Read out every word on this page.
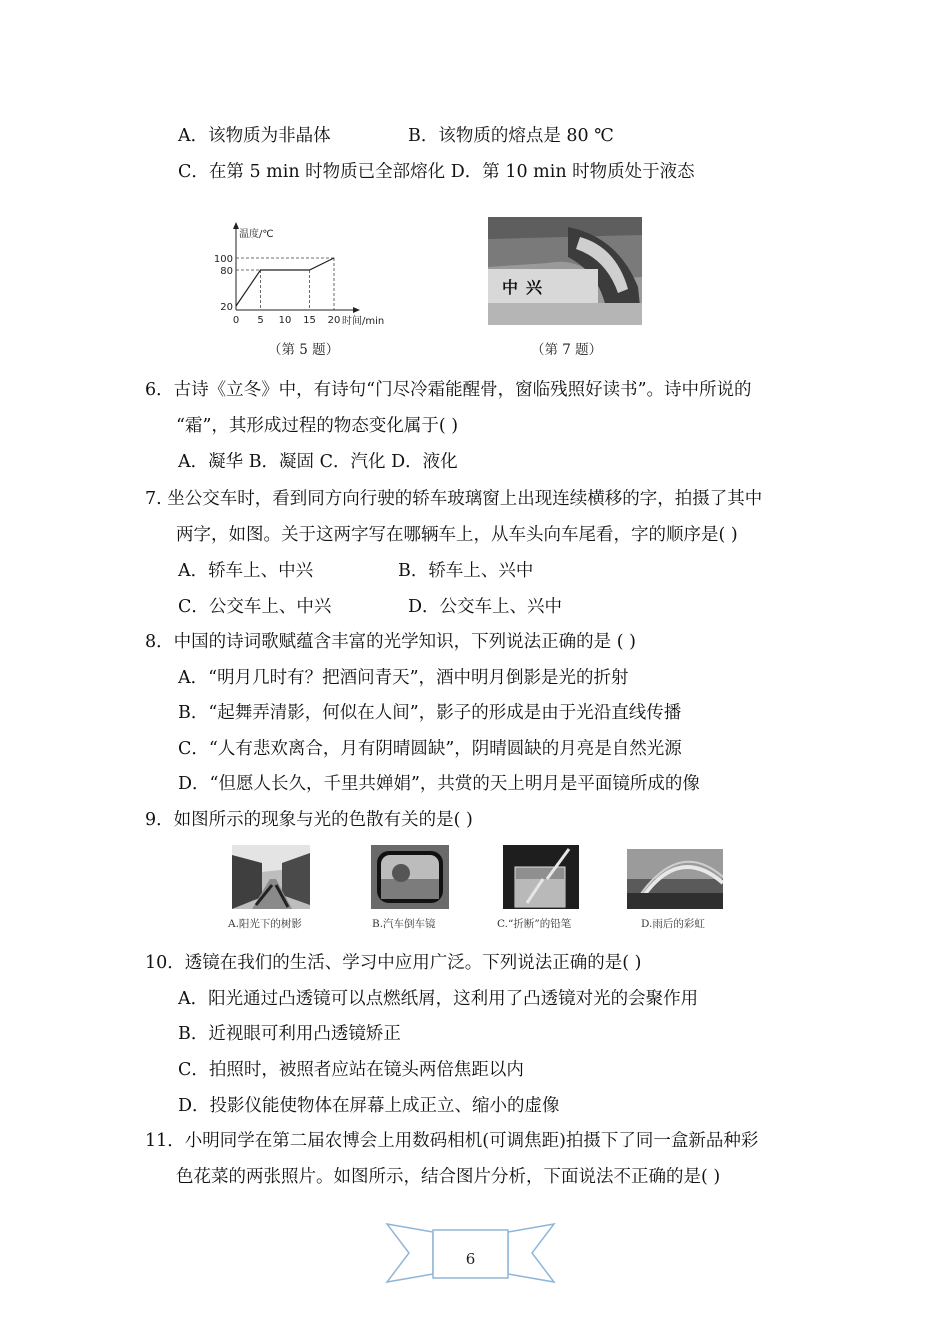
A．该物质为非晶体	B．该物质的熔点是 80 ℃
C．在第 5 min 时物质已全部熔化 D．第 10 min 时物质处于液态
温度/℃
时间/min
20
80
100
0 5 10 15 20
（第 5 题）
中兴
（第 7 题）
6．古诗《立冬》中，有诗句“门尽冷霜能醒骨，窗临残照好读书”。诗中所说的
“霜”，其形成过程的物态变化属于( )
A．凝华 B．凝固 C．汽化 D．液化
7. 坐公交车时，看到同方向行驶的轿车玻璃窗上出现连续横移的字，拍摄了其中
两字，如图。关于这两字写在哪辆车上，从车头向车尾看，字的顺序是( )
A．轿车上、中兴	B．轿车上、兴中
C．公交车上、中兴	D．公交车上、兴中
8．中国的诗词歌赋蕴含丰富的光学知识，下列说法正确的是 ( )
A．“明月几时有？把酒问青天”，酒中明月倒影是光的折射
B．“起舞弄清影，何似在人间”，影子的形成是由于光沿直线传播
C．“人有悲欢离合，月有阴晴圆缺”，阴晴圆缺的月亮是自然光源
D．“但愿人长久，千里共婵娟”，共赏的天上明月是平面镜所成的像
9．如图所示的现象与光的色散有关的是( )
A.阳光下的树影	B.汽车倒车镜	C.“折断”的铅笔	D.雨后的彩虹
10．透镜在我们的生活、学习中应用广泛。下列说法正确的是( )
A．阳光通过凸透镜可以点燃纸屑，这利用了凸透镜对光的会聚作用
B．近视眼可利用凸透镜矫正
C．拍照时，被照者应站在镜头两倍焦距以内
D．投影仪能使物体在屏幕上成正立、缩小的虚像
11．小明同学在第二届农博会上用数码相机(可调焦距)拍摄下了同一盒新品种彩
色花菜的两张照片。如图所示，结合图片分析，下面说法不正确的是( )
6
